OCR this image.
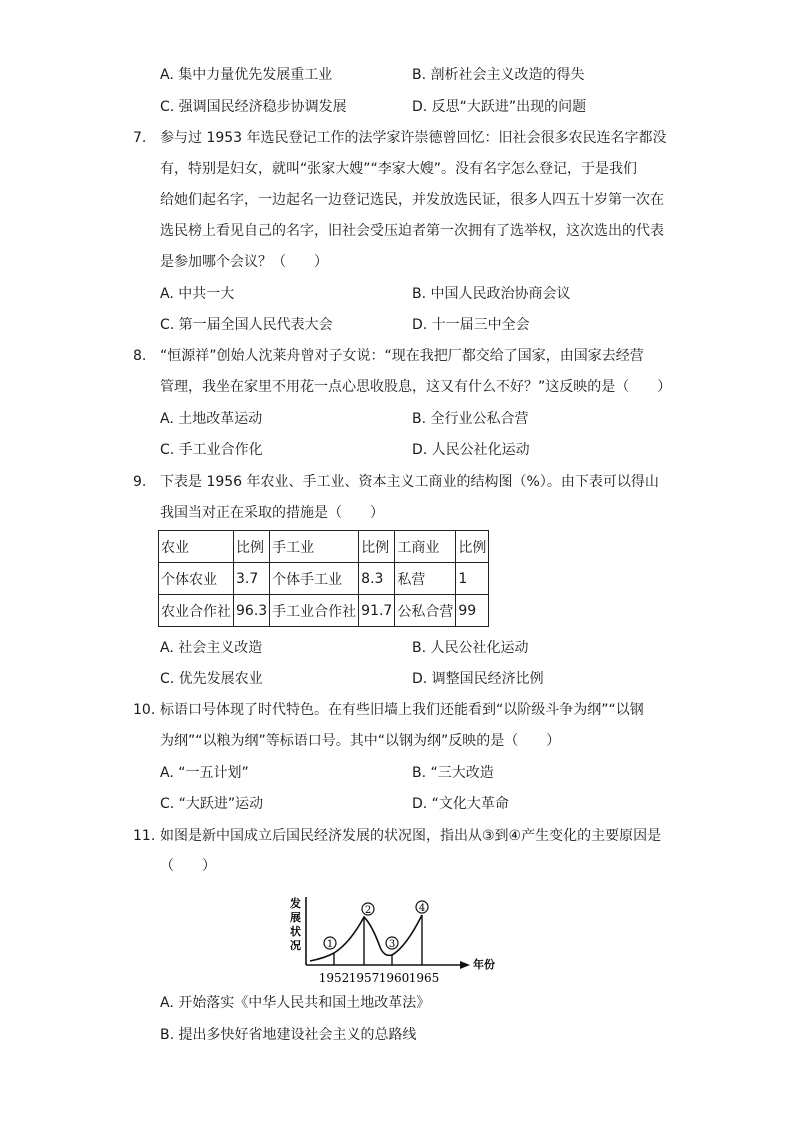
A. 集中力量优先发展重工业	B. 剖析社会主义改造的得失
C. 强调国民经济稳步协调发展	D. 反思“大跃进”出现的问题
7. 参与过 1953 年选民登记工作的法学家许崇德曾回忆：旧社会很多农民连名字都没
有，特别是妇女，就叫“张家大嫂”“李家大嫂”。没有名字怎么登记，于是我们
给她们起名字，一边起名一边登记选民，并发放选民证，很多人四五十岁第一次在
选民榜上看见自己的名字，旧社会受压迫者第一次拥有了选举权，这次选出的代表
是参加哪个会议？（　　）
A. 中共一大	B. 中国人民政治协商会议
C. 第一届全国人民代表大会	D. 十一届三中全会
8. “恒源祥”创始人沈莱舟曾对子女说：“现在我把厂都交给了国家，由国家去经营
管理，我坐在家里不用花一点心思收股息，这又有什么不好？”这反映的是（　　）
A. 土地改革运动	B. 全行业公私合营
C. 手工业合作化	D. 人民公社化运动
9. 下表是 1956 年农业、手工业、资本主义工商业的结构图（%）。由下表可以得山
我国当对正在采取的措施是（　　）
农业	比例	手工业	比例	工商业	比例
个体农业	3.7	个体手工业	8.3	私营	1
农业合作社	96.3	手工业合作社	91.7	公私合营	99
A. 社会主义改造	B. 人民公社化运动
C. 优先发展农业	D. 调整国民经济比例
10. 标语口号体现了时代特色。在有些旧墙上我们还能看到“以阶级斗争为纲”“以钢
为纲”“以粮为纲”等标语口号。其中“以钢为纲”反映的是（　　）
A. “一五计划”	B. “三大改造
C. “大跃进”运动	D. “文化大革命
11. 如图是新中国成立后国民经济发展的状况图，指出从③到④产生变化的主要原因是
（　　）
发
展
状
况	1
2
3
4
1952 1957 1960 1965
年份
A. 开始落实《中华人民共和国土地改革法》
B. 提出多快好省地建设社会主义的总路线
